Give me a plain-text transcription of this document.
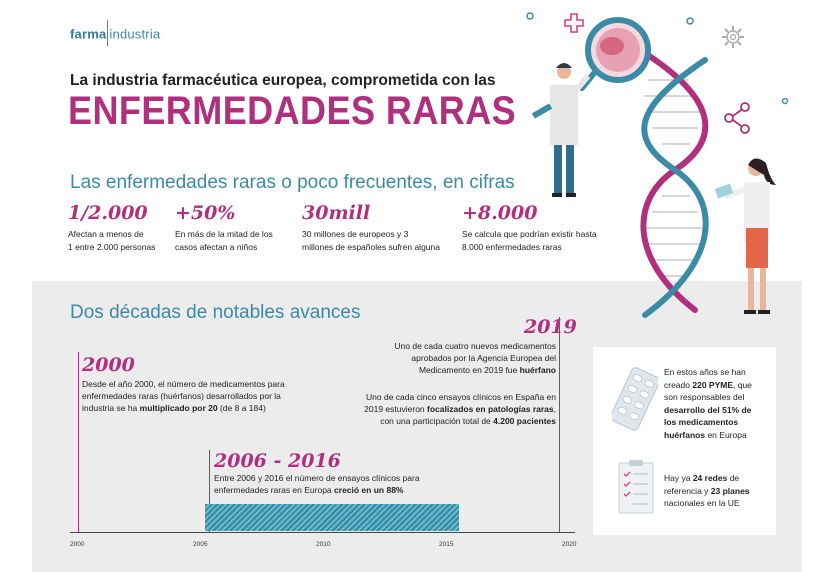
farma industria
La industria farmacéutica europea, comprometida con las
ENFERMEDADES RARAS
Las enfermedades raras o poco frecuentes, en cifras
1/2.000
Afectan a menos de
1 entre 2.000 personas
+50%
En más de la mitad de los
casos afectan a niños
30mill
30 millones de europeos y 3
millones de españoles sufren alguna
+8.000
Se calcula que podrían existir hasta
8.000 enfermedades raras
Dos décadas de notables avances
2000
Desde el año 2000, el número de medicamentos para
enfermedades raras (huérfanos) desarrollados por la
industria se ha multiplicado por 20 (de 8 a 184)
2006 - 2016
Entre 2006 y 2016 el número de ensayos clínicos para
enfermedades raras en Europa creció en un 88%
2019
Uno de cada cuatro nuevos medicamentos
aprobados por la Agencia Europea del
Medicamento en 2019 fue huérfano
Uno de cada cinco ensayos clínicos en España en
2019 estuvieron focalizados en patologías raras,
con una participación total de 4.200 pacientes
2000	2005	2010	2015	2020
En estos años se han
creado 220 PYME, que
son responsables del
desarrollo del 51% de
los medicamentos
huérfanos en Europa
Hay ya 24 redes de
referencia y 23 planes
nacionales en la UE
